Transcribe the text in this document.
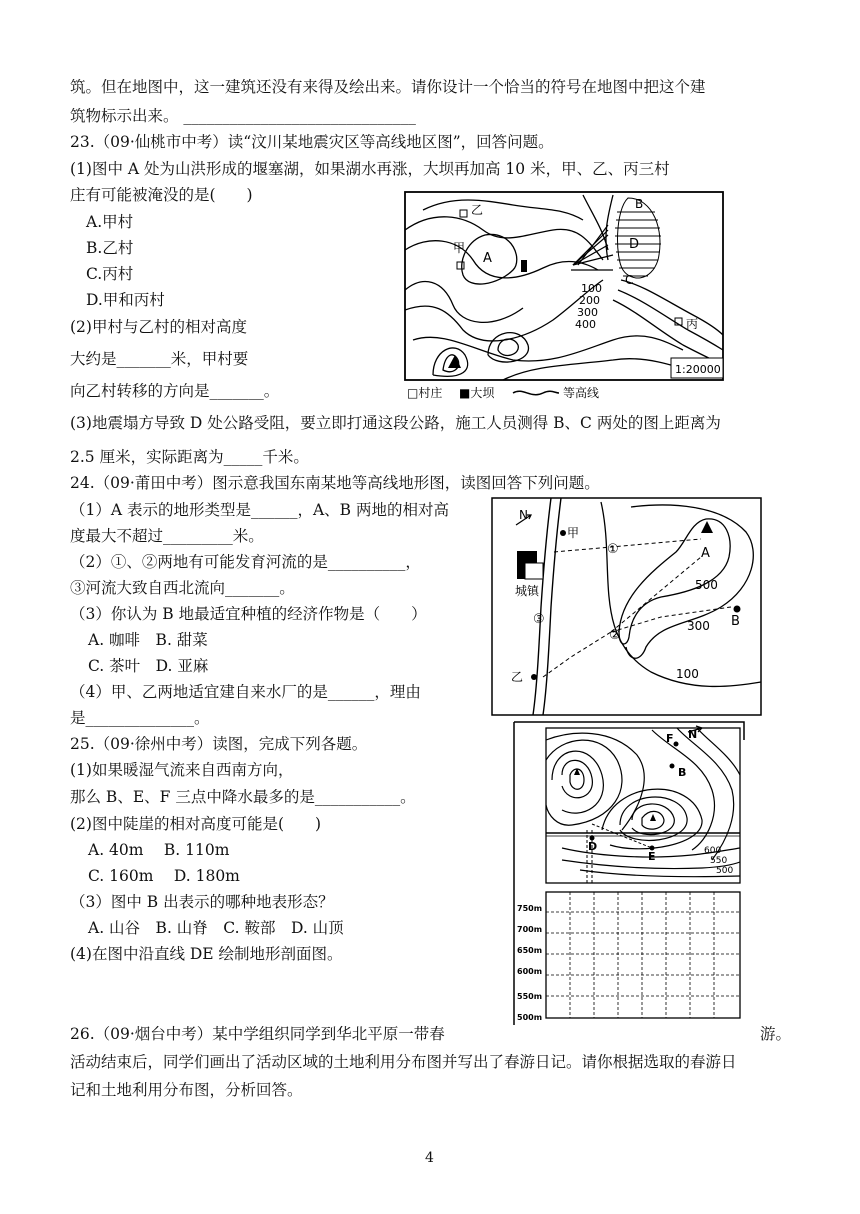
筑。但在地图中，这一建筑还没有来得及绘出来。请你设计一个恰当的符号在地图中把这个建
筑物标示出来。 ______________________________
23.（09·仙桃市中考）读“汶川某地震灾区等高线地区图”，回答问题。
(1)图中 A 处为山洪形成的堰塞湖，如果湖水再涨，大坝再加高 10 米，甲、乙、丙三村
庄有可能被淹没的是(　　)
A.甲村
B.乙村
C.丙村
D.甲和丙村
(2)甲村与乙村的相对高度
大约是_______米，甲村要
向乙村转移的方向是_______。
(3)地震塌方导致 D 处公路受阻，要立即打通这段公路，施工人员测得 B、C 两处的图上距离为
2.5 厘米，实际距离为_____千米。
24.（09·莆田中考）图示意我国东南某地等高线地形图，读图回答下列问题。
（1）A 表示的地形类型是______，A、B 两地的相对高
度最大不超过_________米。
（2）①、②两地有可能发育河流的是__________，
③河流大致自西北流向_______。
（3）你认为 B 地最适宜种植的经济作物是（　　）
A. 咖啡　B. 甜菜
C. 茶叶　D. 亚麻
（4）甲、乙两地适宜建自来水厂的是______，理由
是______________。
25.（09·徐州中考）读图，完成下列各题。
(1)如果暖湿气流来自西南方向，
那么 B、E、F 三点中降水最多的是___________。
(2)图中陡崖的相对高度可能是(　　)
A. 40m　 B. 110m
C. 160m　 D. 180m
（3）图中 B 出表示的哪种地表形态？
A. 山谷　B. 山脊　C. 鞍部　D. 山顶
(4)在图中沿直线 DE 绘制地形剖面图。
26.（09·烟台中考）某中学组织同学到华北平原一带春	游。
活动结束后，同学们画出了活动区域的土地利用分布图并写出了春游日记。请你根据选取的春游日
记和土地利用分布图，分析回答。
4
乙
甲
丙
A
B
C
D
100
200
300
400
1:20000
□村庄 ■大坝	等高线
N
甲
乙
城镇
①
②
③
A
B
500
300
100
N
F
B
D
E	600
550
500
750m
700m
650m
600m
550m
500m
